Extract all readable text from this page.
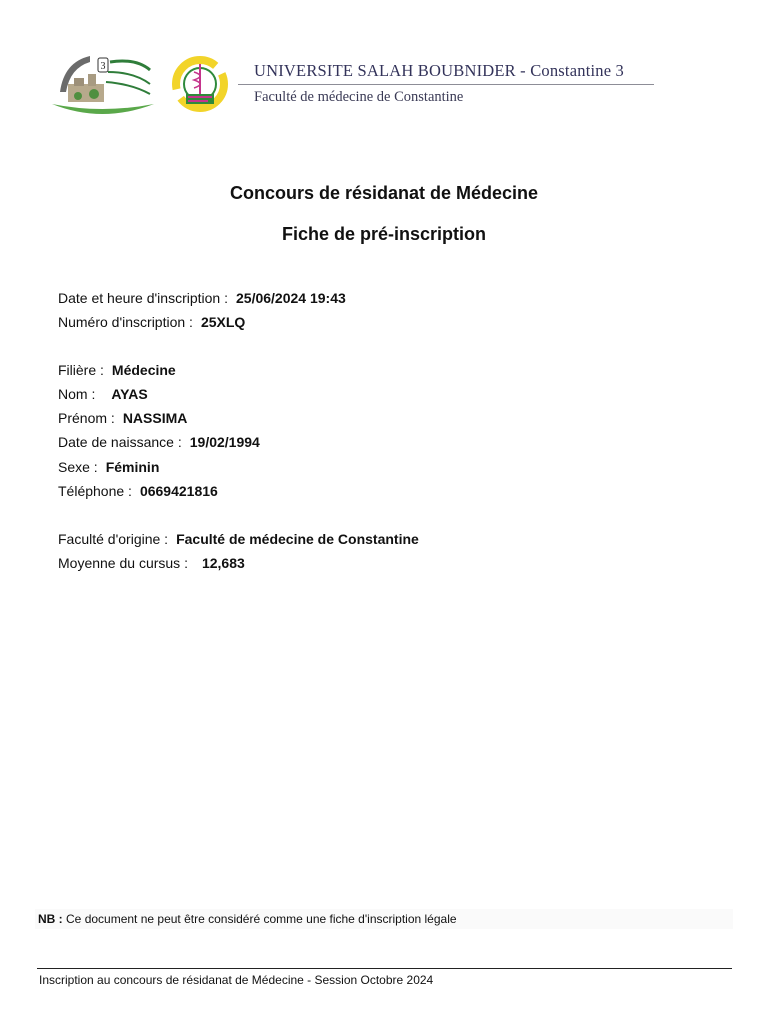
3	UNIVERSITE SALAH BOUBNIDER - Constantine 3
Faculté de médecine de Constantine
Concours de résidanat de Médecine
Fiche de pré-inscription
Date et heure d'inscription : 25/06/2024 19:43
Numéro d'inscription : 25XLQ
Filière : Médecine
Nom : AYAS
Prénom : NASSIMA
Date de naissance : 19/02/1994
Sexe : Féminin
Téléphone : 0669421816
Faculté d'origine : Faculté de médecine de Constantine
Moyenne du cursus : 12,683
NB : Ce document ne peut être considéré comme une fiche d'inscription légale
Inscription au concours de résidanat de Médecine - Session Octobre 2024
